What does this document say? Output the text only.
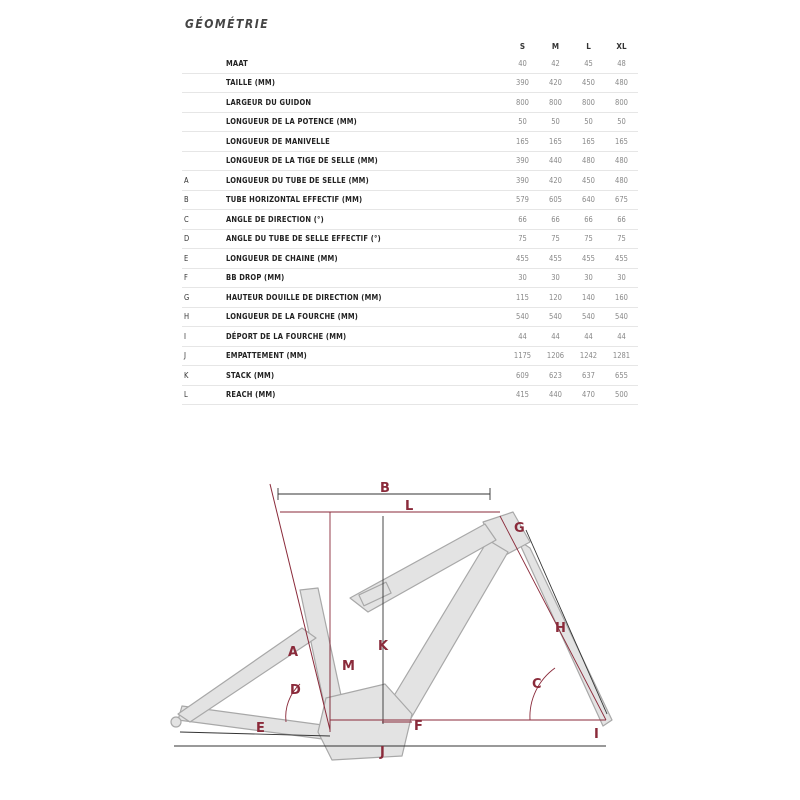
GÉOMÉTRIE
		S	M	L	XL
	MAAT	40	42	45	48
	TAILLE (MM)	390	420	450	480
	LARGEUR DU GUIDON	800	800	800	800
	LONGUEUR DE LA POTENCE (MM)	50	50	50	50
	LONGUEUR DE MANIVELLE	165	165	165	165
	LONGUEUR DE LA TIGE DE SELLE (MM)	390	440	480	480
A	LONGUEUR DU TUBE DE SELLE (MM)	390	420	450	480
B	TUBE HORIZONTAL EFFECTIF (MM)	579	605	640	675
C	ANGLE DE DIRECTION (°)	66	66	66	66
D	ANGLE DU TUBE DE SELLE EFFECTIF (°)	75	75	75	75
E	LONGUEUR DE CHAINE (MM)	455	455	455	455
F	BB DROP (MM)	30	30	30	30
G	HAUTEUR DOUILLE DE DIRECTION (MM)	115	120	140	160
H	LONGUEUR DE LA FOURCHE (MM)	540	540	540	540
I	DÉPORT DE LA FOURCHE (MM)	44	44	44	44
J	EMPATTEMENT (MM)	1175	1206	1242	1281
K	STACK (MM)	609	623	637	655
L	REACH (MM)	415	440	470	500
B
L
C
D
E	F
G
H
I
J
K
M
A
